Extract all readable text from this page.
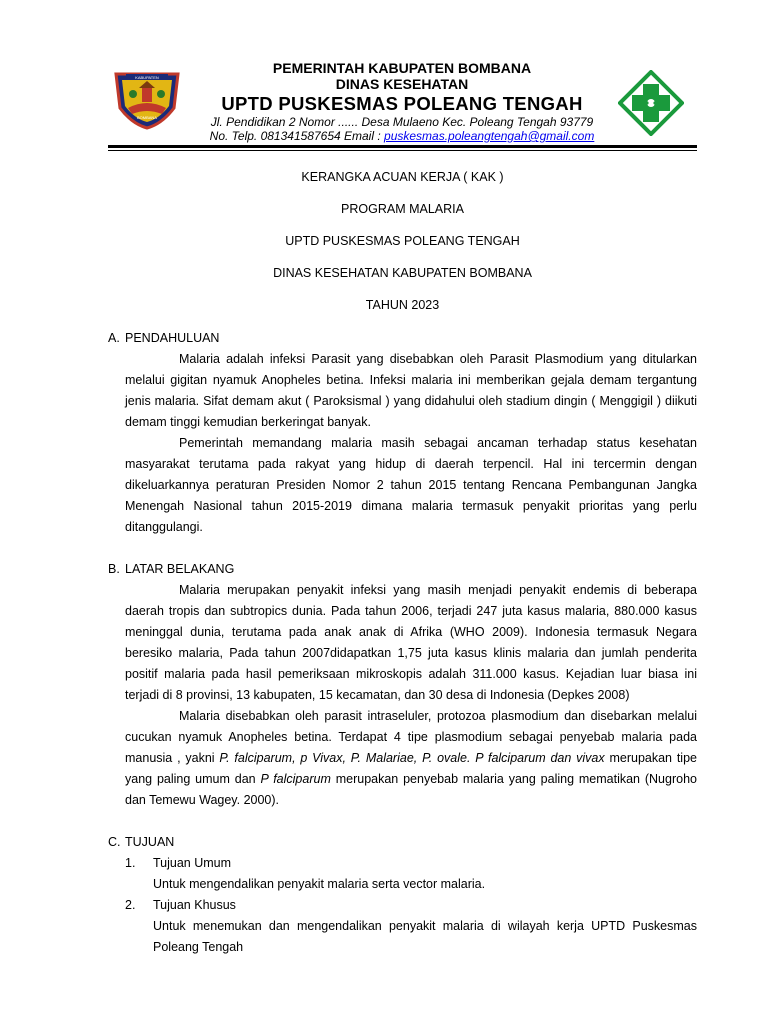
KABUPATEN
BOMBANA
PEMERINTAH KABUPATEN BOMBANA
DINAS KESEHATAN
UPTD PUSKESMAS POLEANG TENGAH
Jl. Pendidikan 2 Nomor ...... Desa Mulaeno Kec. Poleang Tengah 93779
No. Telp. 081341587654 Email : puskesmas.poleangtengah@gmail.com
KERANGKA ACUAN KERJA ( KAK )
PROGRAM MALARIA
UPTD PUSKESMAS POLEANG TENGAH
DINAS KESEHATAN KABUPATEN BOMBANA
TAHUN 2023
A. PENDAHULUAN
Malaria adalah infeksi Parasit yang disebabkan oleh Parasit Plasmodium yang ditularkan melalui gigitan nyamuk Anopheles betina. Infeksi malaria ini memberikan gejala demam tergantung jenis malaria. Sifat demam akut ( Paroksismal ) yang didahului oleh stadium dingin ( Menggigil ) diikuti demam tinggi kemudian berkeringat banyak.
Pemerintah memandang malaria masih sebagai ancaman terhadap status kesehatan masyarakat terutama pada rakyat yang hidup di daerah terpencil. Hal ini tercermin dengan dikeluarkannya peraturan Presiden Nomor 2 tahun 2015 tentang Rencana Pembangunan Jangka Menengah Nasional tahun 2015-2019 dimana malaria termasuk penyakit prioritas yang perlu ditanggulangi.
B. LATAR BELAKANG
Malaria merupakan penyakit infeksi yang masih menjadi penyakit endemis di beberapa daerah tropis dan subtropics dunia. Pada tahun 2006, terjadi 247 juta kasus malaria, 880.000 kasus meninggal dunia, terutama pada anak anak di Afrika (WHO 2009). Indonesia termasuk Negara beresiko malaria, Pada tahun 2007didapatkan 1,75 juta kasus klinis malaria dan jumlah penderita positif malaria pada hasil pemeriksaan mikroskopis adalah 311.000 kasus. Kejadian luar biasa ini terjadi di 8 provinsi, 13 kabupaten, 15 kecamatan, dan 30 desa di Indonesia (Depkes 2008)
Malaria disebabkan oleh parasit intraseluler, protozoa plasmodium dan disebarkan melalui cucukan nyamuk Anopheles betina. Terdapat 4 tipe plasmodium sebagai penyebab malaria pada manusia , yakni P. falciparum, p Vivax, P. Malariae, P. ovale. P falciparum dan vivax merupakan tipe yang paling umum dan P falciparum merupakan penyebab malaria yang paling mematikan (Nugroho dan Temewu Wagey. 2000).
C. TUJUAN
1. Tujuan Umum
Untuk mengendalikan penyakit malaria serta vector malaria.
2. Tujuan Khusus
Untuk menemukan dan mengendalikan penyakit malaria di wilayah kerja UPTD Puskesmas Poleang Tengah
